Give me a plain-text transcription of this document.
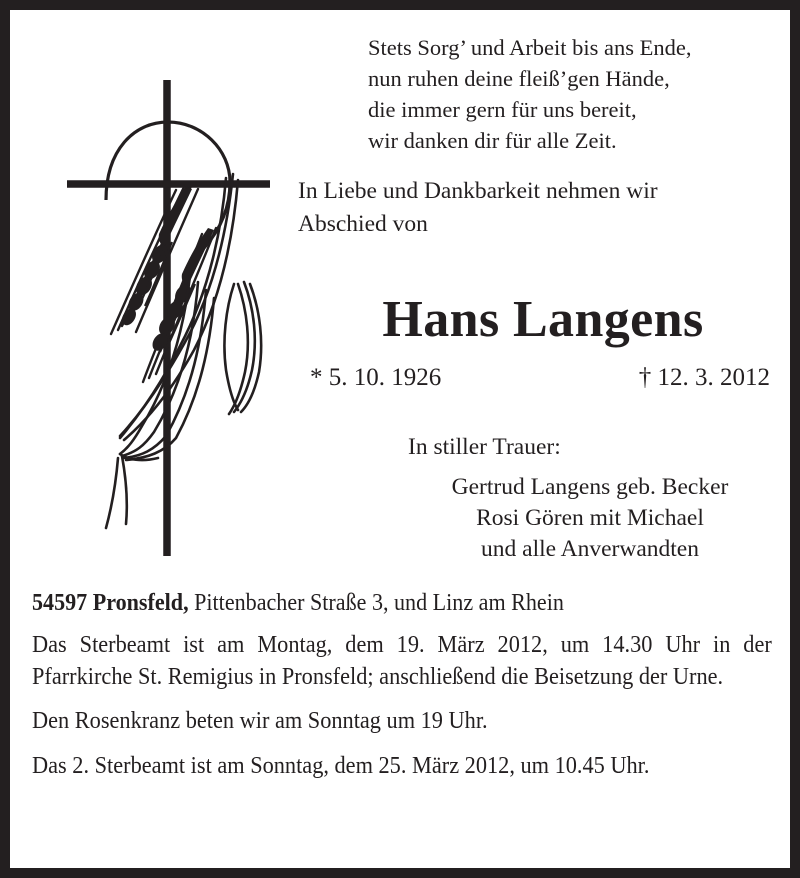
Stets Sorg’ und Arbeit bis ans Ende,
nun ruhen deine fleiß’gen Hände,
die immer gern für uns bereit,
wir danken dir für alle Zeit.
In Liebe und Dankbarkeit nehmen wir
Abschied von
Hans Langens
* 5. 10. 1926	† 12. 3. 2012
In stiller Trauer:
Gertrud Langens geb. Becker
Rosi Gören mit Michael
und alle Anverwandten
54597 Pronsfeld, Pittenbacher Straße 3, und Linz am Rhein
Das Sterbeamt ist am Montag, dem 19. März 2012, um 14.30 Uhr in der Pfarrkirche St. Remigius in Pronsfeld; anschließend die Beisetzung der Urne.
Den Rosenkranz beten wir am Sonntag um 19 Uhr.
Das 2. Sterbeamt ist am Sonntag, dem 25. März 2012, um 10.45 Uhr.
